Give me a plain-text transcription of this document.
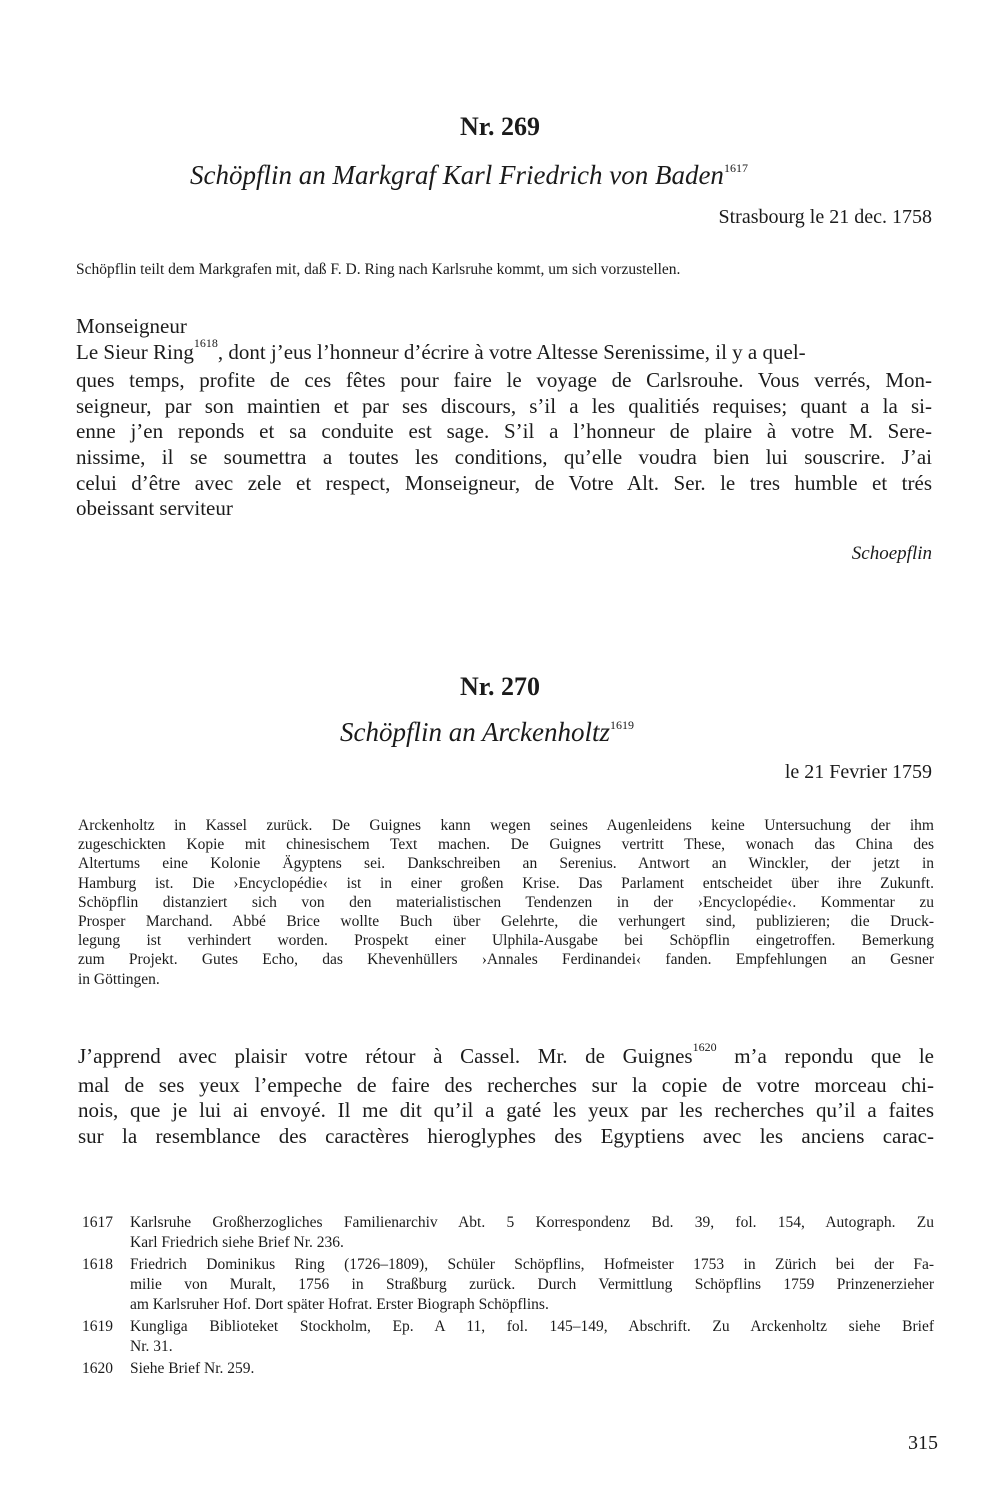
Nr. 269
Schöpflin an Markgraf Karl Friedrich von Baden$^{1617}$
Strasbourg le 21 dec. 1758
Schöpflin teilt dem Markgrafen mit, daß F. D. Ring nach Karlsruhe kommt, um sich vorzustellen.
Monseigneur
Le Sieur Ring$^{1618}$, dont j’eus l’honneur d’écrire à votre Altesse Serenissime, il y a quel-
ques temps, profite de ces fêtes pour faire le voyage de Carlsrouhe. Vous verrés, Mon-
seigneur, par son maintien et par ses discours, s’il a les qualitiés requises; quant a la si-
enne j’en reponds et sa conduite est sage. S’il a l’honneur de plaire à votre M. Sere-
nissime, il se soumettra a toutes les conditions, qu’elle voudra bien lui souscrire. J’ai
celui d’être avec zele et respect, Monseigneur, de Votre Alt. Ser. le tres humble et trés
obeissant serviteur
Schoepflin
Nr. 270
Schöpflin an Arckenholtz$^{1619}$
le 21 Fevrier 1759
Arckenholtz in Kassel zurück. De Guignes kann wegen seines Augenleidens keine Untersuchung der ihm
zugeschickten Kopie mit chinesischem Text machen. De Guignes vertritt These, wonach das China des
Altertums eine Kolonie Ägyptens sei. Dankschreiben an Serenius. Antwort an Winckler, der jetzt in
Hamburg ist. Die ›Encyclopédie‹ ist in einer großen Krise. Das Parlament entscheidet über ihre Zukunft.
Schöpflin distanziert sich von den materialistischen Tendenzen in der ›Encyclopédie‹. Kommentar zu
Prosper Marchand. Abbé Brice wollte Buch über Gelehrte, die verhungert sind, publizieren; die Druck-
legung ist verhindert worden. Prospekt einer Ulphila-Ausgabe bei Schöpflin eingetroffen. Bemerkung
zum Projekt. Gutes Echo, das Khevenhüllers ›Annales Ferdinandei‹ fanden. Empfehlungen an Gesner
in Göttingen.
J’apprend avec plaisir votre rétour à Cassel. Mr. de Guignes$^{1620}$ m’a repondu que le
mal de ses yeux l’empeche de faire des recherches sur la copie de votre morceau chi-
nois, que je lui ai envoyé. Il me dit qu’il a gaté les yeux par les recherches qu’il a faites
sur la resemblance des caractères hieroglyphes des Egyptiens avec les anciens carac-
1617 Karlsruhe Großherzogliches Familienarchiv Abt. 5 Korrespondenz Bd. 39, fol. 154, Autograph. Zu
Karl Friedrich siehe Brief Nr. 236.
1618 Friedrich Dominikus Ring (1726–1809), Schüler Schöpflins, Hofmeister 1753 in Zürich bei der Fa-
milie von Muralt, 1756 in Straßburg zurück. Durch Vermittlung Schöpflins 1759 Prinzenerzieher
am Karlsruher Hof. Dort später Hofrat. Erster Biograph Schöpflins.
1619 Kungliga Biblioteket Stockholm, Ep. A 11, fol. 145–149, Abschrift. Zu Arckenholtz siehe Brief
Nr. 31.
1620 Siehe Brief Nr. 259.
315
